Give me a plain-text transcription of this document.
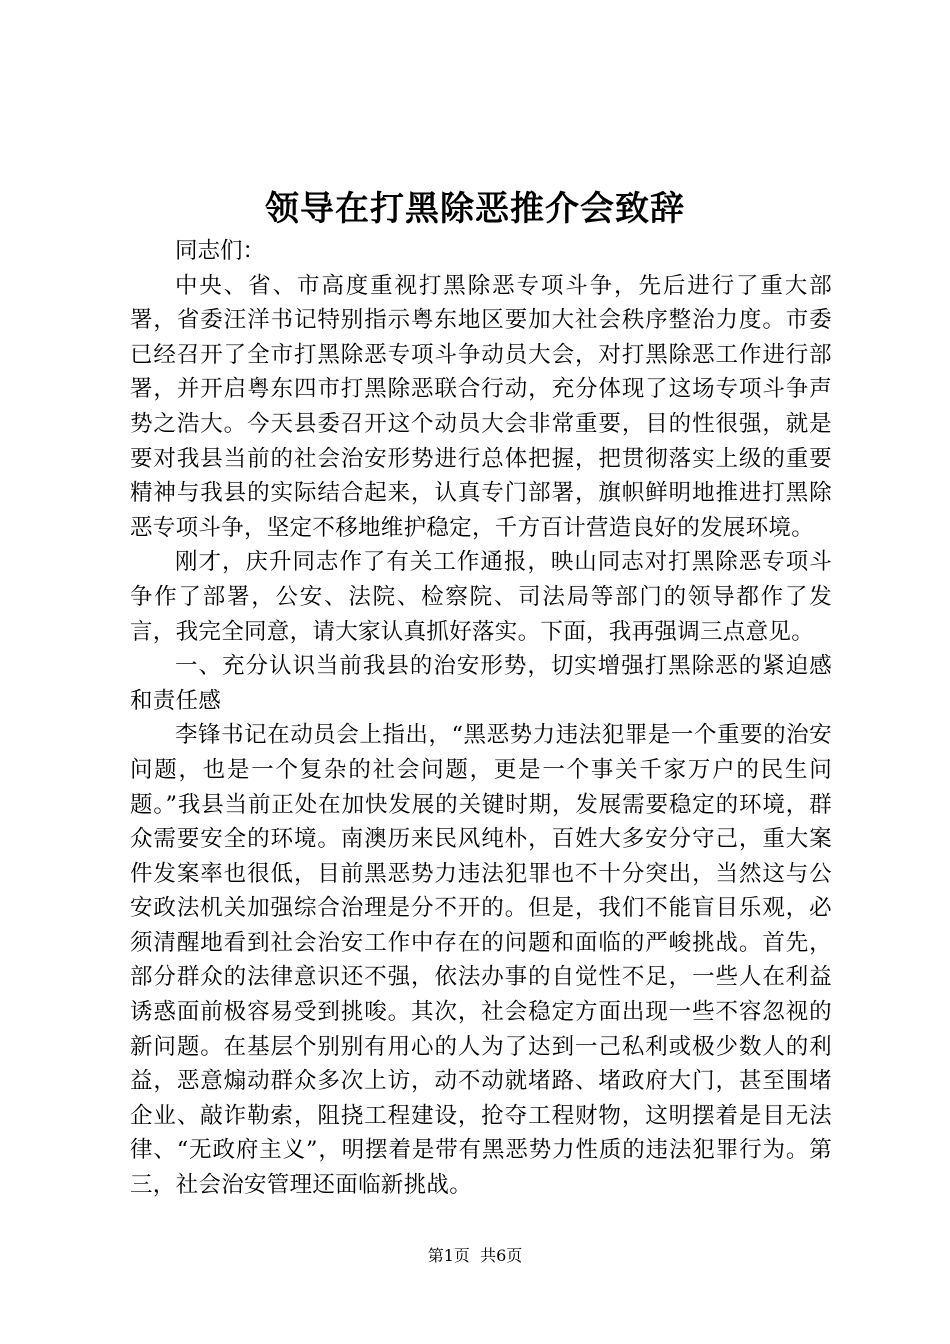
领导在打黑除恶推介会致辞

同志们：

中央、省、市高度重视打黑除恶专项斗争，先后进行了重大部署，省委汪洋书记特别指示粤东地区要加大社会秩序整治力度。市委已经召开了全市打黑除恶专项斗争动员大会，对打黑除恶工作进行部署，并开启粤东四市打黑除恶联合行动，充分体现了这场专项斗争声势之浩大。今天县委召开这个动员大会非常重要，目的性很强，就是要对我县当前的社会治安形势进行总体把握，把贯彻落实上级的重要精神与我县的实际结合起来，认真专门部署，旗帜鲜明地推进打黑除恶专项斗争，坚定不移地维护稳定，千方百计营造良好的发展环境。

刚才，庆升同志作了有关工作通报，映山同志对打黑除恶专项斗争作了部署，公安、法院、检察院、司法局等部门的领导都作了发言，我完全同意，请大家认真抓好落实。下面，我再强调三点意见。

一、充分认识当前我县的治安形势，切实增强打黑除恶的紧迫感和责任感

李锋书记在动员会上指出，“黑恶势力违法犯罪是一个重要的治安问题，也是一个复杂的社会问题，更是一个事关千家万户的民生问题。”我县当前正处在加快发展的关键时期，发展需要稳定的环境，群众需要安全的环境。南澳历来民风纯朴，百姓大多安分守己，重大案件发案率也很低，目前黑恶势力违法犯罪也不十分突出，当然这与公安政法机关加强综合治理是分不开的。但是，我们不能盲目乐观，必须清醒地看到社会治安工作中存在的问题和面临的严峻挑战。首先，部分群众的法律意识还不强，依法办事的自觉性不足，一些人在利益诱惑面前极容易受到挑唆。其次，社会稳定方面出现一些不容忽视的新问题。在基层个别别有用心的人为了达到一己私利或极少数人的利益，恶意煽动群众多次上访，动不动就堵路、堵政府大门，甚至围堵企业、敲诈勒索，阻挠工程建设，抢夺工程财物，这明摆着是目无法律、“无政府主义”，明摆着是带有黑恶势力性质的违法犯罪行为。第三，社会治安管理还面临新挑战。

第1页  共6页
